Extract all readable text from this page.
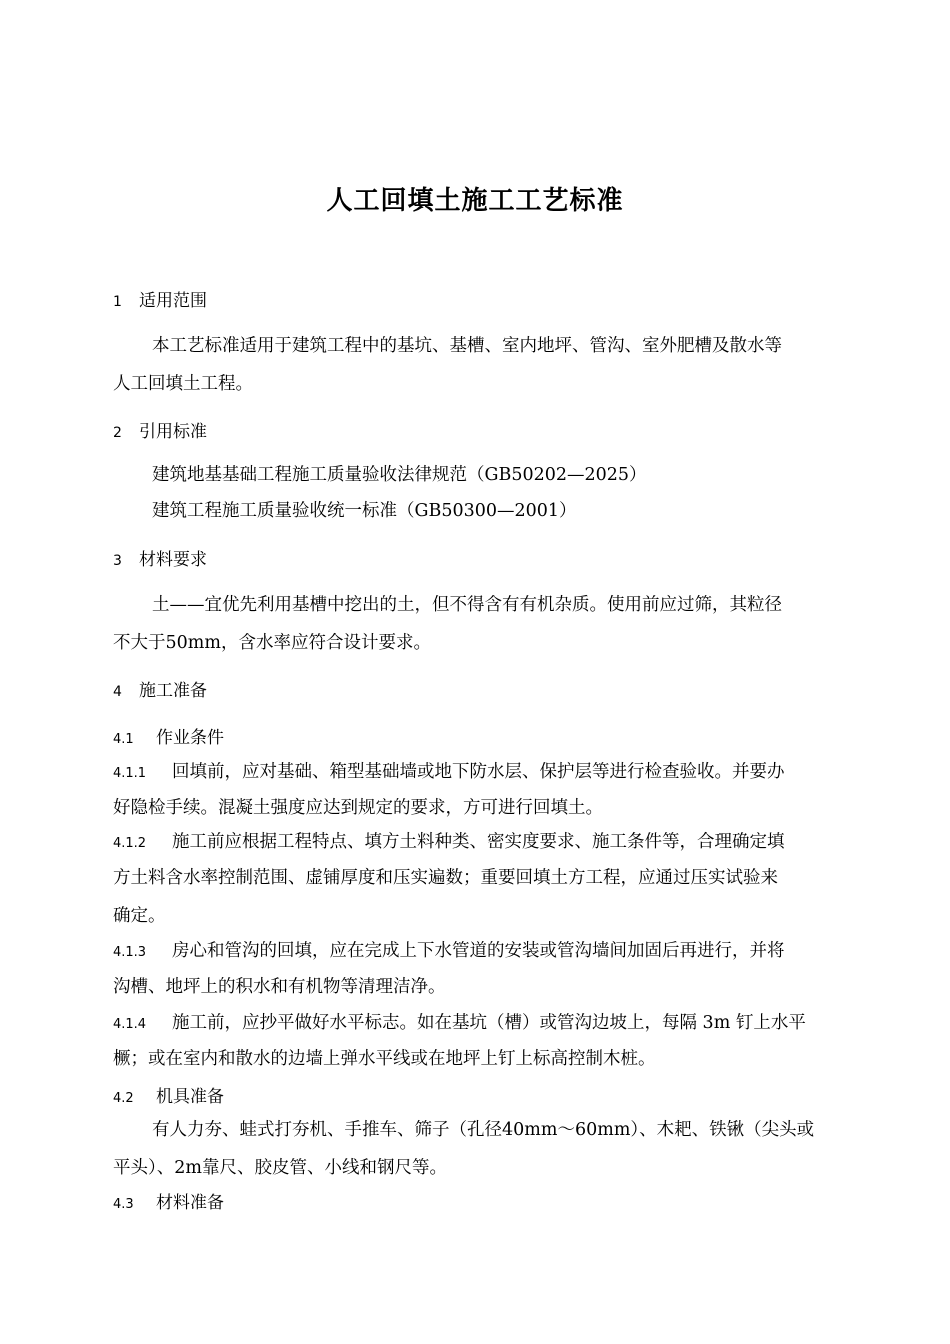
人工回填土施工工艺标准
1 适用范围
本工艺标准适用于建筑工程中的基坑、基槽、室内地坪、管沟、室外肥槽及散水等
人工回填土工程。
2 引用标准
建筑地基基础工程施工质量验收法律规范（GB50202—2025）
建筑工程施工质量验收统一标准（GB50300—2001）
3 材料要求
土——宜优先利用基槽中挖出的土，但不得含有有机杂质。使用前应过筛，其粒径
不大于50mm，含水率应符合设计要求。
4 施工准备
4.1 作业条件
4.1.1 回填前，应对基础、箱型基础墙或地下防水层、保护层等进行检查验收。并要办
好隐检手续。混凝土强度应达到规定的要求，方可进行回填土。
4.1.2 施工前应根据工程特点、填方土料种类、密实度要求、施工条件等，合理确定填
方土料含水率控制范围、虚铺厚度和压实遍数；重要回填土方工程，应通过压实试验来
确定。
4.1.3 房心和管沟的回填，应在完成上下水管道的安装或管沟墙间加固后再进行，并将
沟槽、地坪上的积水和有机物等清理洁净。
4.1.4 施工前，应抄平做好水平标志。如在基坑（槽）或管沟边坡上，每隔 3m 钉上水平
橛；或在室内和散水的边墙上弹水平线或在地坪上钉上标高控制木桩。
4.2 机具准备
有人力夯、蛙式打夯机、手推车、筛子（孔径40mm～60mm）、木耙、铁锹（尖头或
平头）、2m靠尺、胶皮管、小线和钢尺等。
4.3 材料准备
